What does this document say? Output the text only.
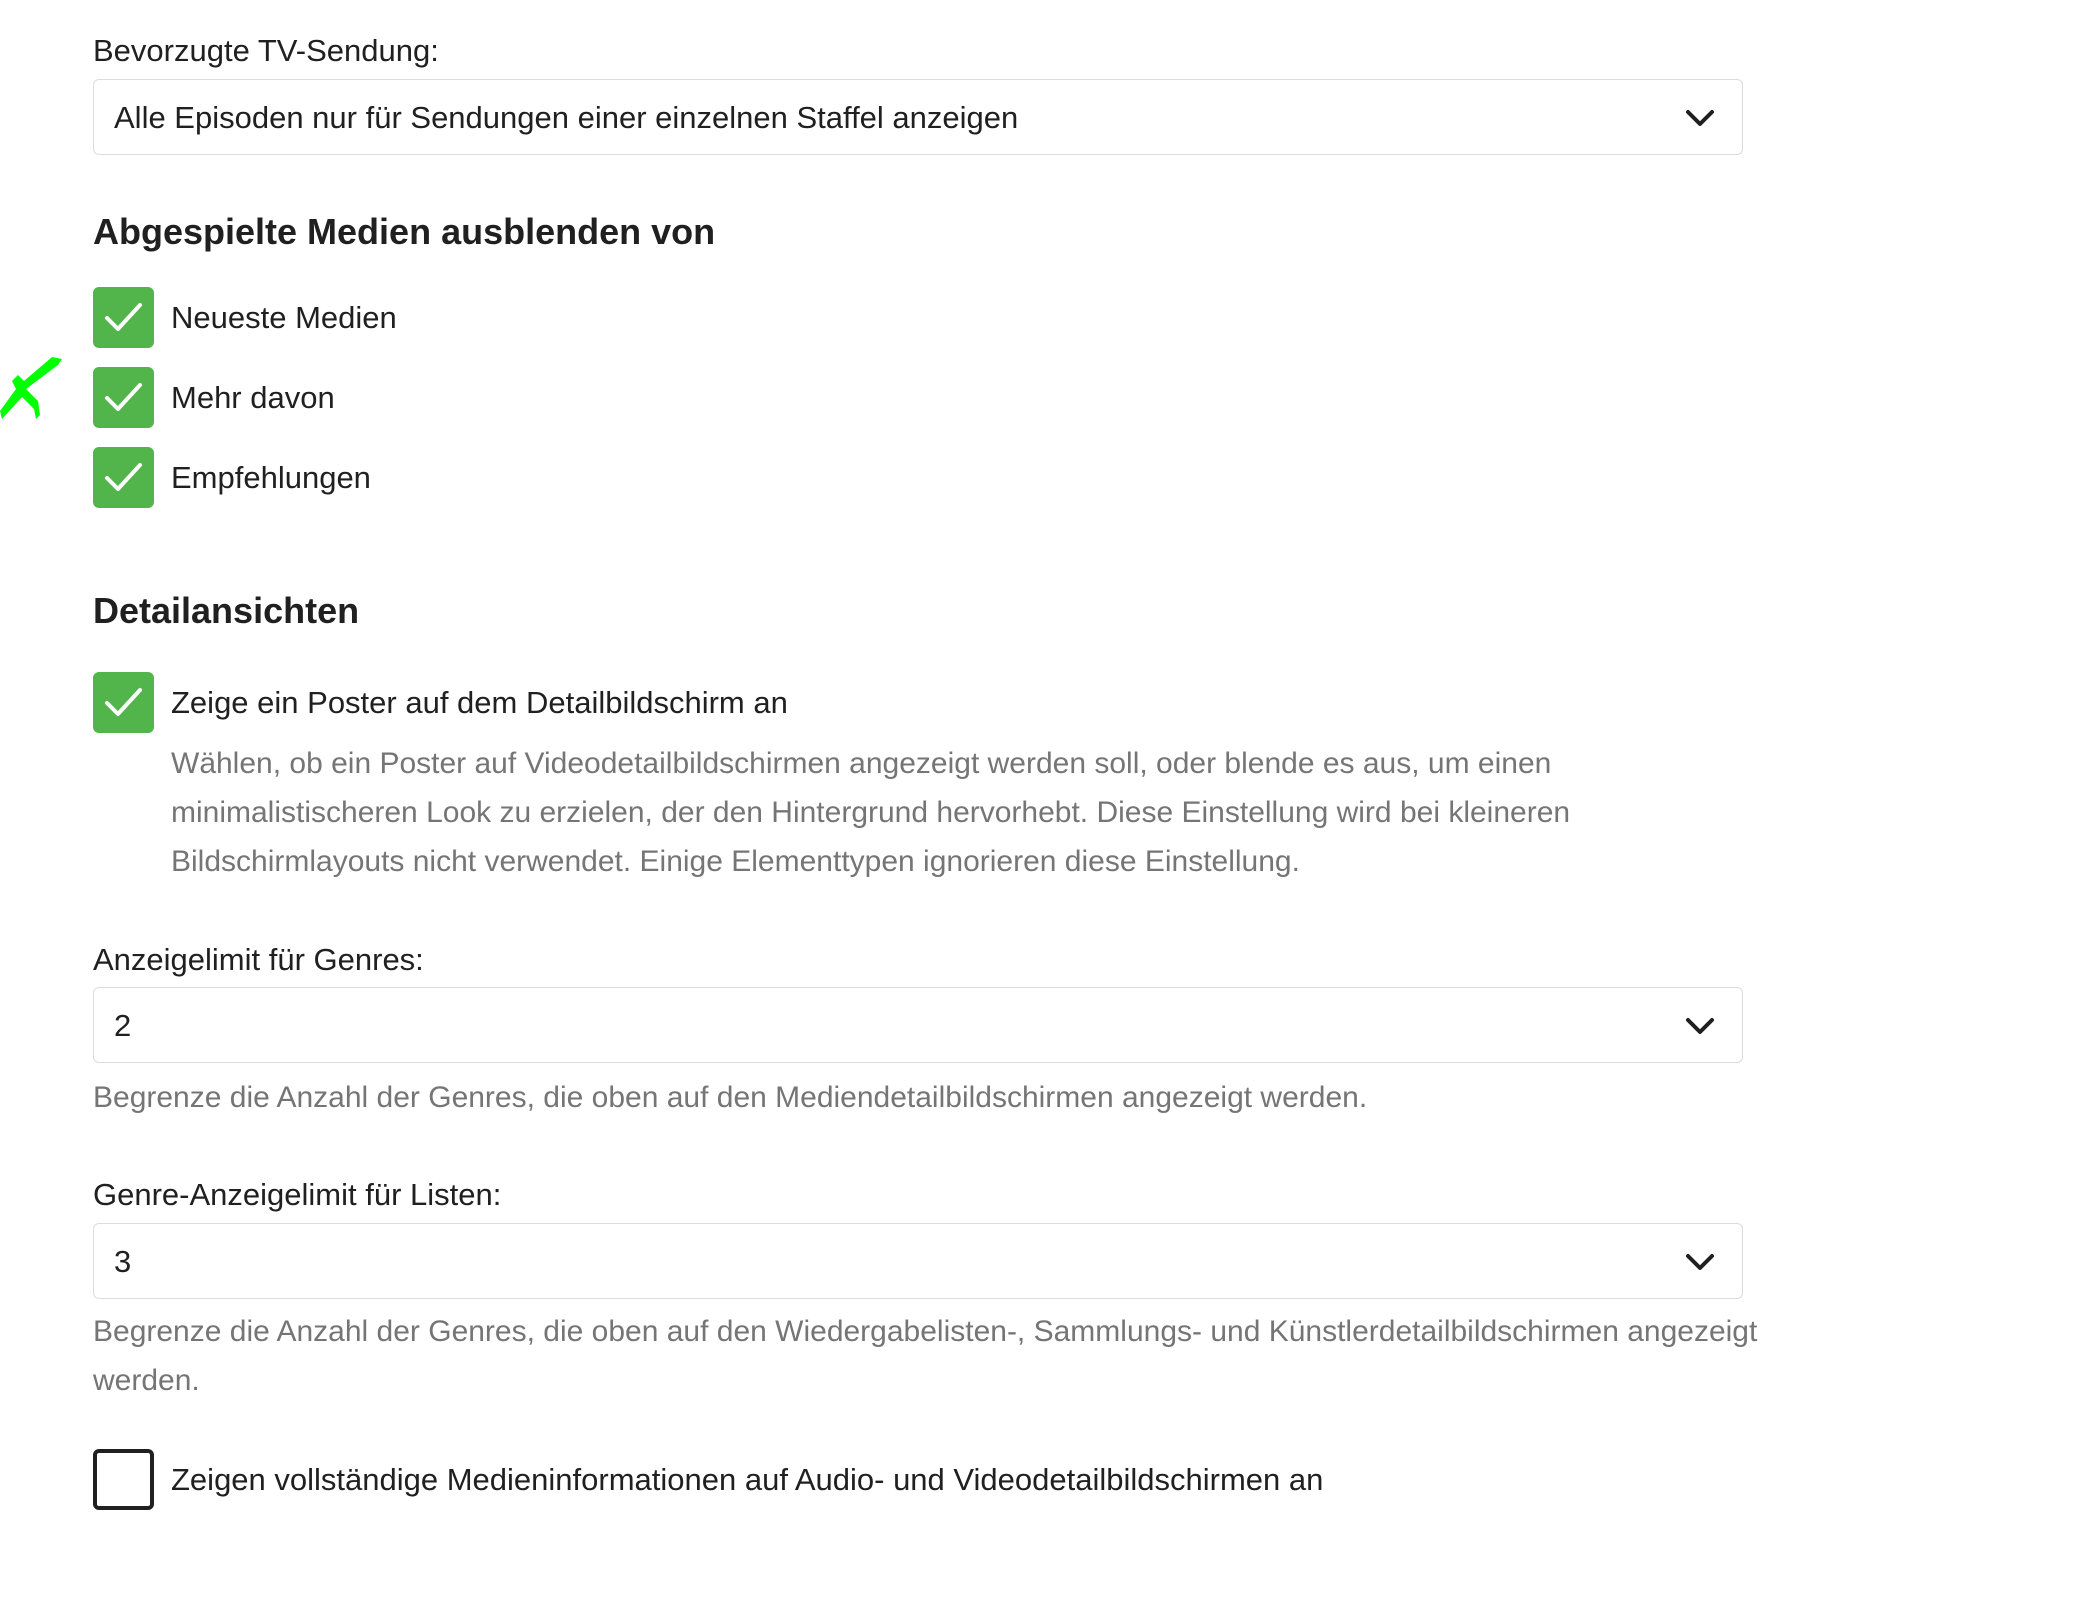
Bevorzugte TV-Sendung:
Alle Episoden nur für Sendungen einer einzelnen Staffel anzeigen
Abgespielte Medien ausblenden von
Neueste Medien
Mehr davon
Empfehlungen
Detailansichten
Zeige ein Poster auf dem Detailbildschirm an
Wählen, ob ein Poster auf Videodetailbildschirmen angezeigt werden soll, oder blende es aus, um einen minimalistischeren Look zu erzielen, der den Hintergrund hervorhebt. Diese Einstellung wird bei kleineren Bildschirmlayouts nicht verwendet. Einige Elementtypen ignorieren diese Einstellung.
Anzeigelimit für Genres:
2
Begrenze die Anzahl der Genres, die oben auf den Mediendetailbildschirmen angezeigt werden.
Genre-Anzeigelimit für Listen:
3
Begrenze die Anzahl der Genres, die oben auf den Wiedergabelisten-, Sammlungs- und Künstlerdetailbildschirmen angezeigt werden.
Zeigen vollständige Medieninformationen auf Audio- und Videodetailbildschirmen an
